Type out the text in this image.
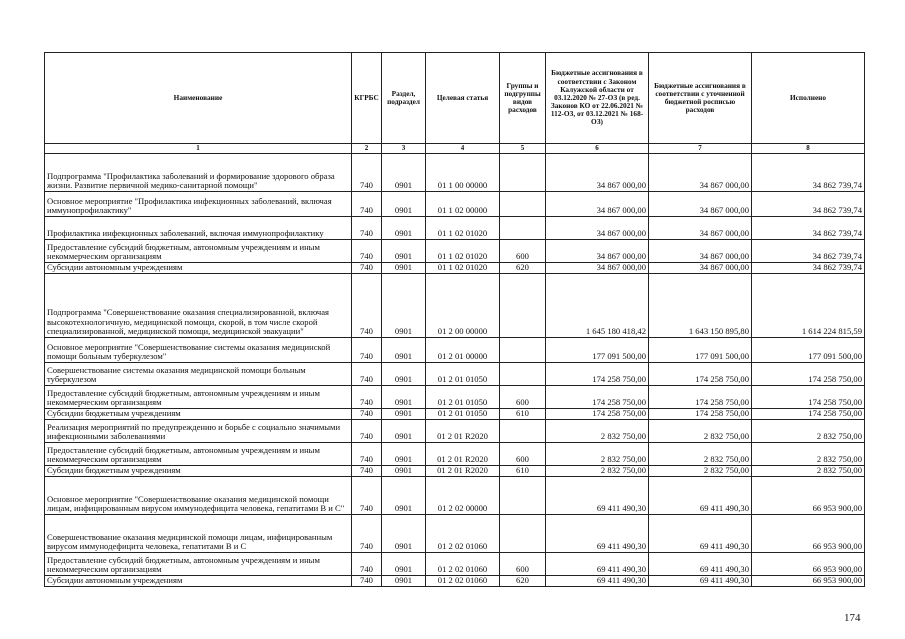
Наименование	КГРБС	Раздел, подраздел	Целевая статья	Группы и подгруппы видов расходов	Бюджетные ассигнования в соответствии с Законом Калужской области от 03.12.2020 № 27-ОЗ (в ред. Законов КО от 22.06.2021 № 112-ОЗ, от 03.12.2021 № 168-ОЗ)	Бюджетные ассигнования в соответствии с уточненной бюджетной росписью расходов	Исполнено
1	2	3	4	5	6	7	8
Подпрограмма "Профилактика заболеваний и формирование здорового образа жизни. Развитие первичной медико-санитарной помощи"	740	0901	01 1 00 00000		34 867 000,00	34 867 000,00	34 862 739,74
Основное мероприятие "Профилактика инфекционных заболеваний, включая иммунопрофилактику"	740	0901	01 1 02 00000		34 867 000,00	34 867 000,00	34 862 739,74
Профилактика инфекционных заболеваний, включая иммунопрофилактику	740	0901	01 1 02 01020		34 867 000,00	34 867 000,00	34 862 739,74
Предоставление субсидий бюджетным, автономным учреждениям и иным некоммерческим организациям	740	0901	01 1 02 01020	600	34 867 000,00	34 867 000,00	34 862 739,74
Субсидии автономным учреждениям	740	0901	01 1 02 01020	620	34 867 000,00	34 867 000,00	34 862 739,74
Подпрограмма "Совершенствование оказания специализированной, включая высокотехнологичную, медицинской помощи, скорой, в том числе скорой специализированной, медицинской помощи, медицинской эвакуации"	740	0901	01 2 00 00000		1 645 180 418,42	1 643 150 895,80	1 614 224 815,59
Основное мероприятие "Совершенствование системы оказания медицинской помощи больным туберкулезом"	740	0901	01 2 01 00000		177 091 500,00	177 091 500,00	177 091 500,00
Совершенствование системы оказания медицинской помощи больным туберкулезом	740	0901	01 2 01 01050		174 258 750,00	174 258 750,00	174 258 750,00
Предоставление субсидий бюджетным, автономным учреждениям и иным некоммерческим организациям	740	0901	01 2 01 01050	600	174 258 750,00	174 258 750,00	174 258 750,00
Субсидии бюджетным учреждениям	740	0901	01 2 01 01050	610	174 258 750,00	174 258 750,00	174 258 750,00
Реализация мероприятий по предупреждению и борьбе с социально значимыми инфекционными заболеваниями	740	0901	01 2 01 R2020		2 832 750,00	2 832 750,00	2 832 750,00
Предоставление субсидий бюджетным, автономным учреждениям и иным некоммерческим организациям	740	0901	01 2 01 R2020	600	2 832 750,00	2 832 750,00	2 832 750,00
Субсидии бюджетным учреждениям	740	0901	01 2 01 R2020	610	2 832 750,00	2 832 750,00	2 832 750,00
Основное мероприятие "Совершенствование оказания медицинской помощи лицам, инфицированным вирусом иммунодефицита человека, гепатитами В и С"	740	0901	01 2 02 00000		69 411 490,30	69 411 490,30	66 953 900,00
Совершенствование оказания медицинской помощи лицам, инфицированным вирусом иммунодефицита человека, гепатитами В и С	740	0901	01 2 02 01060		69 411 490,30	69 411 490,30	66 953 900,00
Предоставление субсидий бюджетным, автономным учреждениям и иным некоммерческим организациям	740	0901	01 2 02 01060	600	69 411 490,30	69 411 490,30	66 953 900,00
Субсидии автономным учреждениям	740	0901	01 2 02 01060	620	69 411 490,30	69 411 490,30	66 953 900,00
174
